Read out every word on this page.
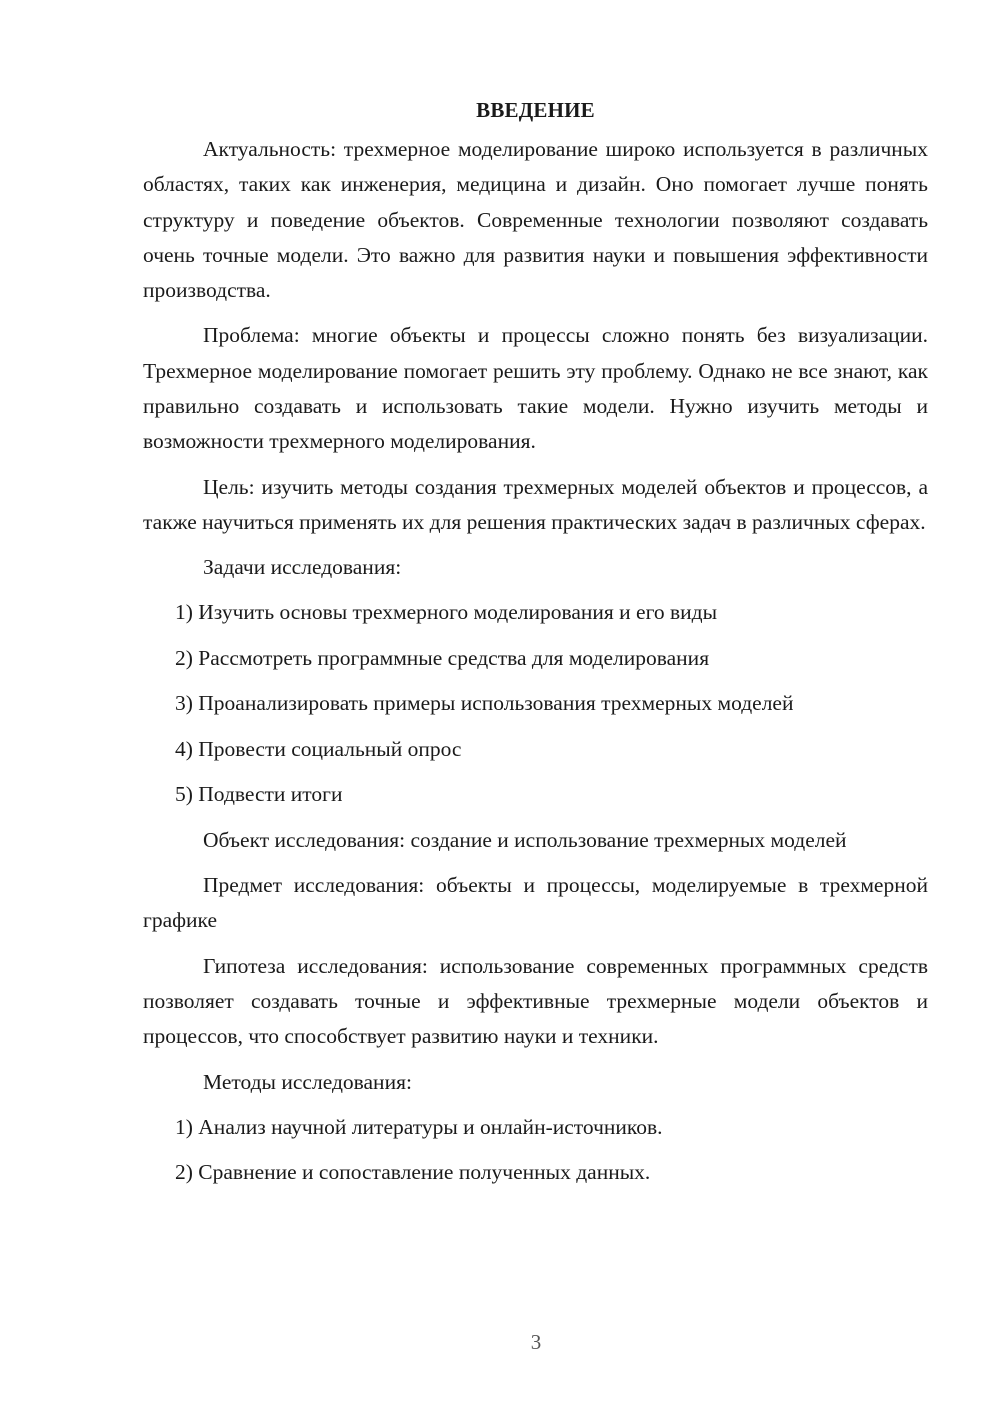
ВВЕДЕНИЕ

Актуальность: трехмерное моделирование широко используется в различных областях, таких как инженерия, медицина и дизайн. Оно помогает лучше понять структуру и поведение объектов. Современные технологии позволяют создавать очень точные модели. Это важно для развития науки и повышения эффективности производства.

Проблема: многие объекты и процессы сложно понять без визуализации. Трехмерное моделирование помогает решить эту проблему. Однако не все знают, как правильно создавать и использовать такие модели. Нужно изучить методы и возможности трехмерного моделирования.

Цель: изучить методы создания трехмерных моделей объектов и процессов, а также научиться применять их для решения практических задач в различных сферах.

Задачи исследования:

1) Изучить основы трехмерного моделирования и его виды
2) Рассмотреть программные средства для моделирования
3) Проанализировать примеры использования трехмерных моделей
4) Провести социальный опрос
5) Подвести итоги

Объект исследования: создание и использование трехмерных моделей

Предмет исследования: объекты и процессы, моделируемые в трехмерной графике

Гипотеза исследования: использование современных программных средств позволяет создавать точные и эффективные трехмерные модели объектов и процессов, что способствует развитию науки и техники.

Методы исследования:

1) Анализ научной литературы и онлайн-источников.
2) Сравнение и сопоставление полученных данных.
3
